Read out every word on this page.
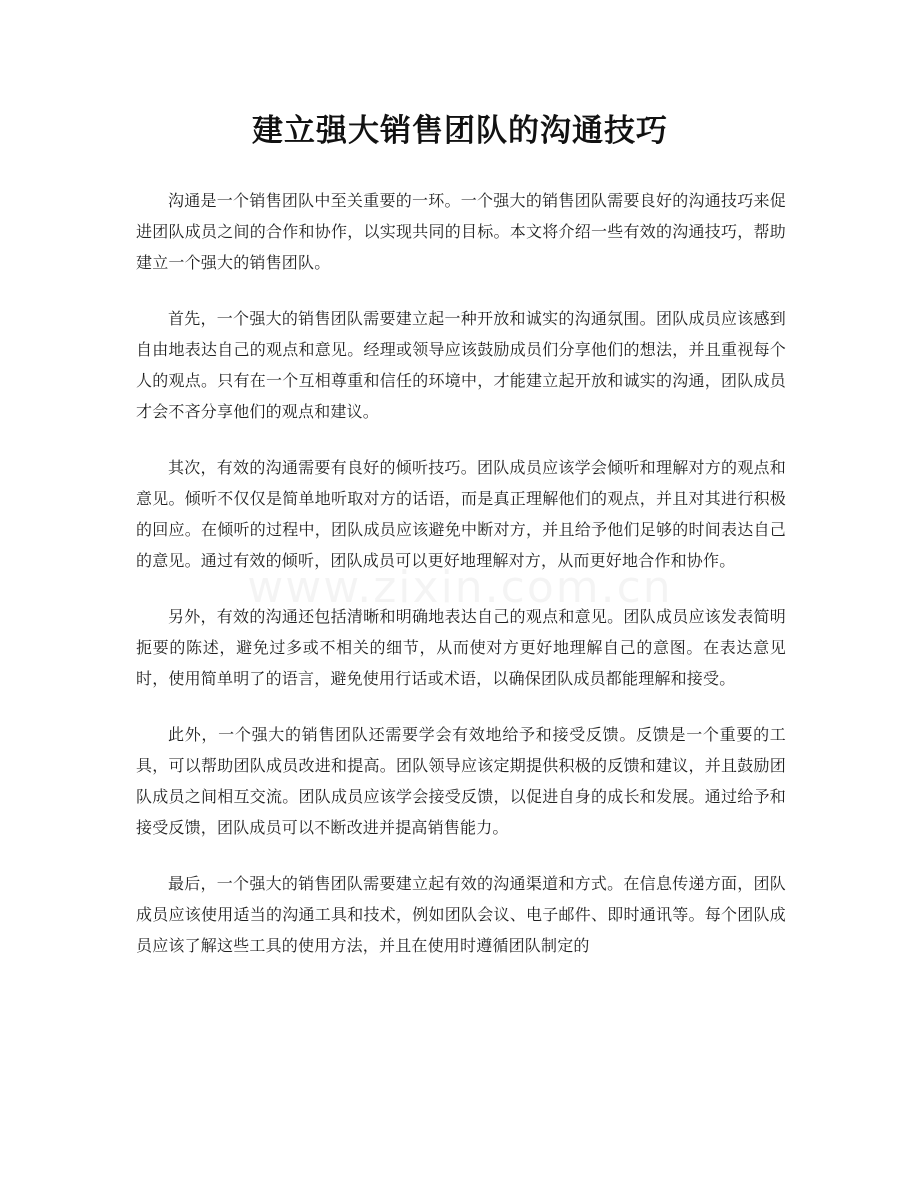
建立强大销售团队的沟通技巧

沟通是一个销售团队中至关重要的一环。一个强大的销售团队需要良好的沟通技巧来促进团队成员之间的合作和协作，以实现共同的目标。本文将介绍一些有效的沟通技巧，帮助建立一个强大的销售团队。

首先，一个强大的销售团队需要建立起一种开放和诚实的沟通氛围。团队成员应该感到自由地表达自己的观点和意见。经理或领导应该鼓励成员们分享他们的想法，并且重视每个人的观点。只有在一个互相尊重和信任的环境中，才能建立起开放和诚实的沟通，团队成员才会不吝分享他们的观点和建议。

其次，有效的沟通需要有良好的倾听技巧。团队成员应该学会倾听和理解对方的观点和意见。倾听不仅仅是简单地听取对方的话语，而是真正理解他们的观点，并且对其进行积极的回应。在倾听的过程中，团队成员应该避免中断对方，并且给予他们足够的时间表达自己的意见。通过有效的倾听，团队成员可以更好地理解对方，从而更好地合作和协作。

另外，有效的沟通还包括清晰和明确地表达自己的观点和意见。团队成员应该发表简明扼要的陈述，避免过多或不相关的细节，从而使对方更好地理解自己的意图。在表达意见时，使用简单明了的语言，避免使用行话或术语，以确保团队成员都能理解和接受。

此外，一个强大的销售团队还需要学会有效地给予和接受反馈。反馈是一个重要的工具，可以帮助团队成员改进和提高。团队领导应该定期提供积极的反馈和建议，并且鼓励团队成员之间相互交流。团队成员应该学会接受反馈，以促进自身的成长和发展。通过给予和接受反馈，团队成员可以不断改进并提高销售能力。

最后，一个强大的销售团队需要建立起有效的沟通渠道和方式。在信息传递方面，团队成员应该使用适当的沟通工具和技术，例如团队会议、电子邮件、即时通讯等。每个团队成员应该了解这些工具的使用方法，并且在使用时遵循团队制定的
